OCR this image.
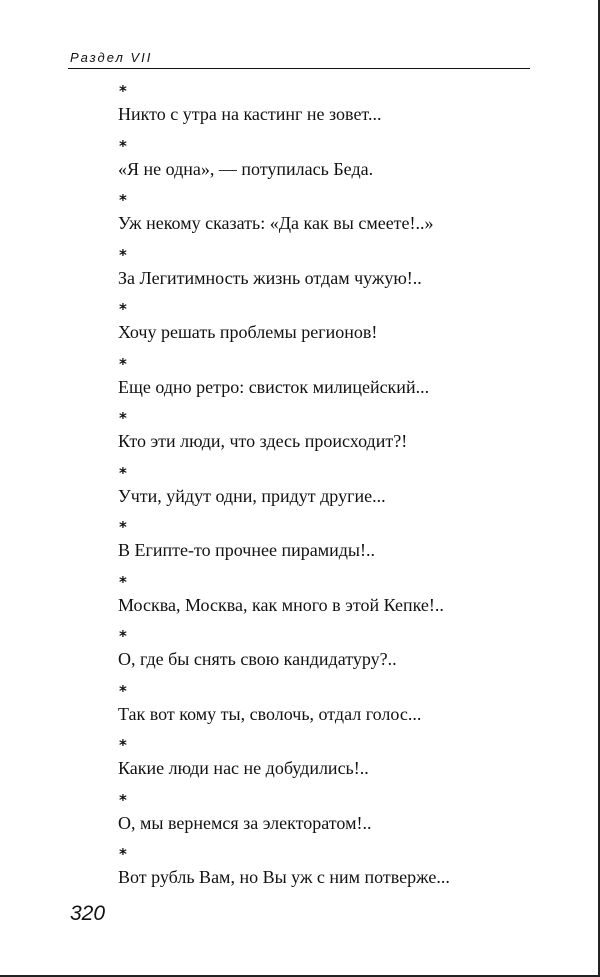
Раздел VII
*
Никто с утра на кастинг не зовет...
*
«Я не одна», — потупилась Беда.
*
Уж некому сказать: «Да как вы смеете!..»
*
За Легитимность жизнь отдам чужую!..
*
Хочу решать проблемы регионов!
*
Еще одно ретро: свисток милицейский...
*
Кто эти люди, что здесь происходит?!
*
Учти, уйдут одни, придут другие...
*
В Египте-то прочнее пирамиды!..
*
Москва, Москва, как много в этой Кепке!..
*
О, где бы снять свою кандидатуру?..
*
Так вот кому ты, сволочь, отдал голос...
*
Какие люди нас не добудились!..
*
О, мы вернемся за электоратом!..
*
Вот рубль Вам, но Вы уж с ним потверже...
320
